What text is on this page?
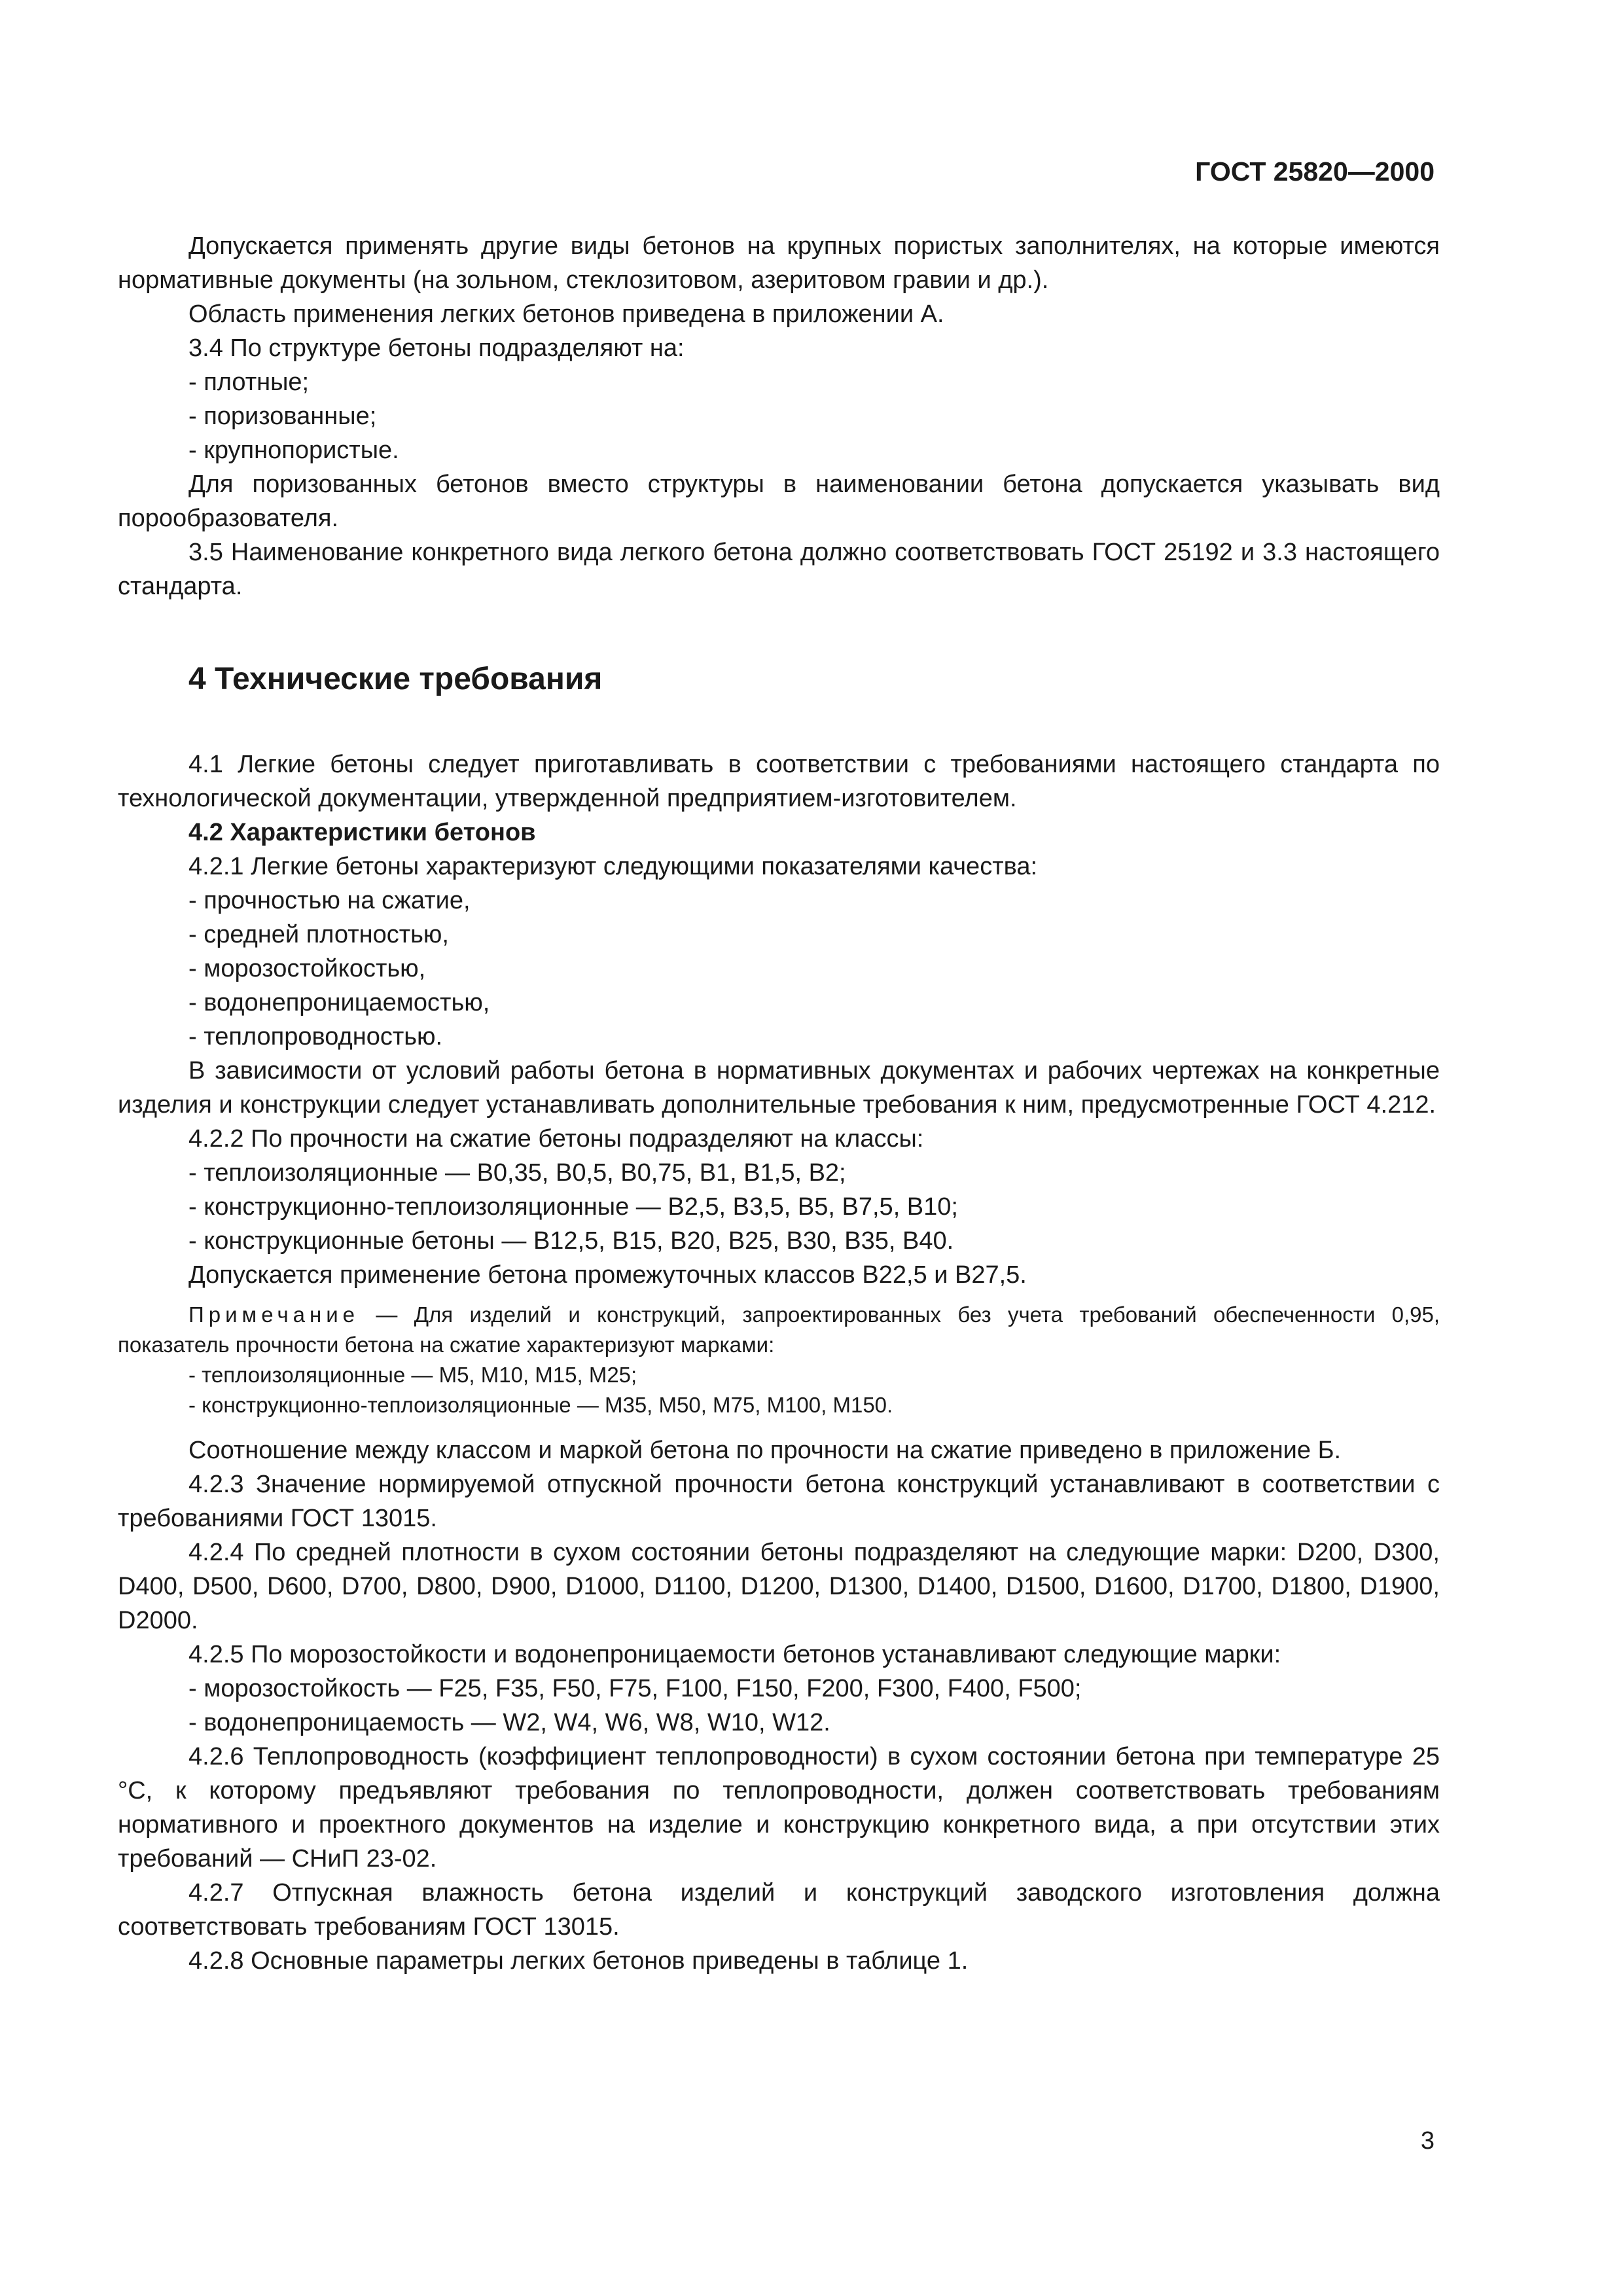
ГОСТ 25820—2000

Допускается применять другие виды бетонов на крупных пористых заполнителях, на которые имеются нормативные документы (на зольном, стеклозитовом, азеритовом гравии и др.).

Область применения легких бетонов приведена в приложении А.

3.4 По структуре бетоны подразделяют на:

- плотные;

- поризованные;

- крупнопористые.

Для поризованных бетонов вместо структуры в наименовании бетона допускается указывать вид порообразователя.

3.5 Наименование конкретного вида легкого бетона должно соответствовать ГОСТ 25192 и 3.3 настоящего стандарта.

4 Технические требования

4.1 Легкие бетоны следует приготавливать в соответствии с требованиями настоящего стандарта по технологической документации, утвержденной предприятием-изготовителем.

4.2 Характеристики бетонов

4.2.1 Легкие бетоны характеризуют следующими показателями качества:

- прочностью на сжатие,

- средней плотностью,

- морозостойкостью,

- водонепроницаемостью,

- теплопроводностью.

В зависимости от условий работы бетона в нормативных документах и рабочих чертежах на конкретные изделия и конструкции следует устанавливать дополнительные требования к ним, предусмотренные ГОСТ 4.212.

4.2.2 По прочности на сжатие бетоны подразделяют на классы:

- теплоизоляционные — В0,35, В0,5, В0,75, В1, В1,5, В2;

- конструкционно-теплоизоляционные — В2,5, В3,5, В5, В7,5, В10;

- конструкционные бетоны — В12,5, В15, В20, В25, В30, В35, В40.

Допускается применение бетона промежуточных классов В22,5 и В27,5.

Примечание — Для изделий и конструкций, запроектированных без учета требований обеспеченности 0,95, показатель прочности бетона на сжатие характеризуют марками:

- теплоизоляционные — М5, М10, М15, М25;

- конструкционно-теплоизоляционные — М35, М50, М75, М100, М150.

Соотношение между классом и маркой бетона по прочности на сжатие приведено в приложение Б.

4.2.3 Значение нормируемой отпускной прочности бетона конструкций устанавливают в соответствии с требованиями ГОСТ 13015.

4.2.4 По средней плотности в сухом состоянии бетоны подразделяют на следующие марки: D200, D300, D400, D500, D600, D700, D800, D900, D1000, D1100, D1200, D1300, D1400, D1500, D1600, D1700, D1800, D1900, D2000.

4.2.5 По морозостойкости и водонепроницаемости бетонов устанавливают следующие марки:

- морозостойкость — F25, F35, F50, F75, F100, F150, F200, F300, F400, F500;

- водонепроницаемость — W2, W4, W6, W8, W10, W12.

4.2.6 Теплопроводность (коэффициент теплопроводности) в сухом состоянии бетона при температуре 25 °С, к которому предъявляют требования по теплопроводности, должен соответствовать требованиям нормативного и проектного документов на изделие и конструкцию конкретного вида, а при отсутствии этих требований — СНиП 23-02.

4.2.7 Отпускная влажность бетона изделий и конструкций заводского изготовления должна соответствовать требованиям ГОСТ 13015.

4.2.8 Основные параметры легких бетонов приведены в таблице 1.

3
